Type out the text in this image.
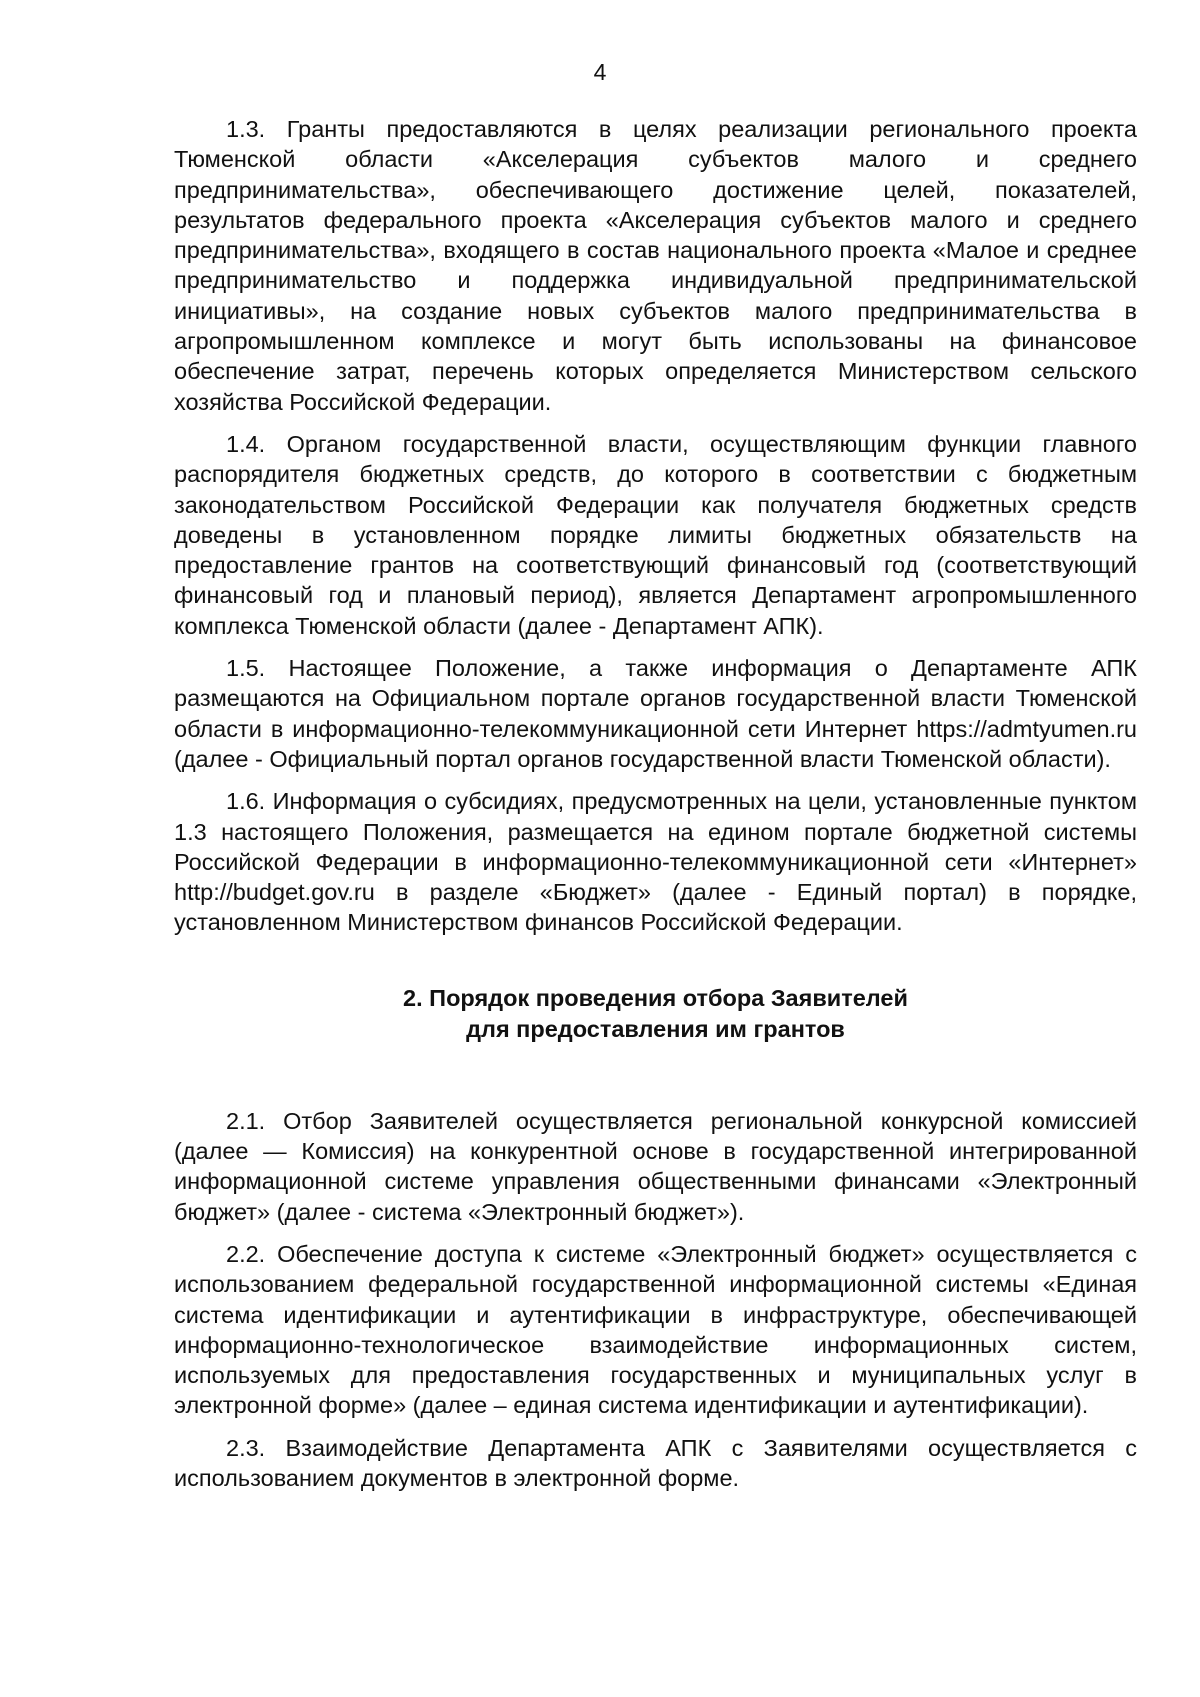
4

1.3. Гранты предоставляются в целях реализации регионального проекта Тюменской области «Акселерация субъектов малого и среднего предпринимательства», обеспечивающего достижение целей, показателей, результатов федерального проекта «Акселерация субъектов малого и среднего предпринимательства», входящего в состав национального проекта «Малое и среднее предпринимательство и поддержка индивидуальной предпринимательской инициативы», на создание новых субъектов малого предпринимательства в агропромышленном комплексе и могут быть использованы на финансовое обеспечение затрат, перечень которых определяется Министерством сельского хозяйства Российской Федерации.

1.4. Органом государственной власти, осуществляющим функции главного распорядителя бюджетных средств, до которого в соответствии с бюджетным законодательством Российской Федерации как получателя бюджетных средств доведены в установленном порядке лимиты бюджетных обязательств на предоставление грантов на соответствующий финансовый год (соответствующий финансовый год и плановый период), является Департамент агропромышленного комплекса Тюменской области (далее - Департамент АПК).

1.5. Настоящее Положение, а также информация о Департаменте АПК размещаются на Официальном портале органов государственной власти Тюменской области в информационно-телекоммуникационной сети Интернет https://admtyumen.ru (далее - Официальный портал органов государственной власти Тюменской области).

1.6. Информация о субсидиях, предусмотренных на цели, установленные пунктом 1.3 настоящего Положения, размещается на едином портале бюджетной системы Российской Федерации в информационно-телекоммуникационной сети «Интернет» http://budget.gov.ru в разделе «Бюджет» (далее - Единый портал) в порядке, установленном Министерством финансов Российской Федерации.

2. Порядок проведения отбора Заявителей
для предоставления им грантов

2.1. Отбор Заявителей осуществляется региональной конкурсной комиссией (далее — Комиссия) на конкурентной основе в государственной интегрированной информационной системе управления общественными финансами «Электронный бюджет» (далее - система «Электронный бюджет»).

2.2. Обеспечение доступа к системе «Электронный бюджет» осуществляется с использованием федеральной государственной информационной системы «Единая система идентификации и аутентификации в инфраструктуре, обеспечивающей информационно-технологическое взаимодействие информационных систем, используемых для предоставления государственных и муниципальных услуг в электронной форме» (далее – единая система идентификации и аутентификации).

2.3. Взаимодействие Департамента АПК с Заявителями осуществляется с использованием документов в электронной форме.
